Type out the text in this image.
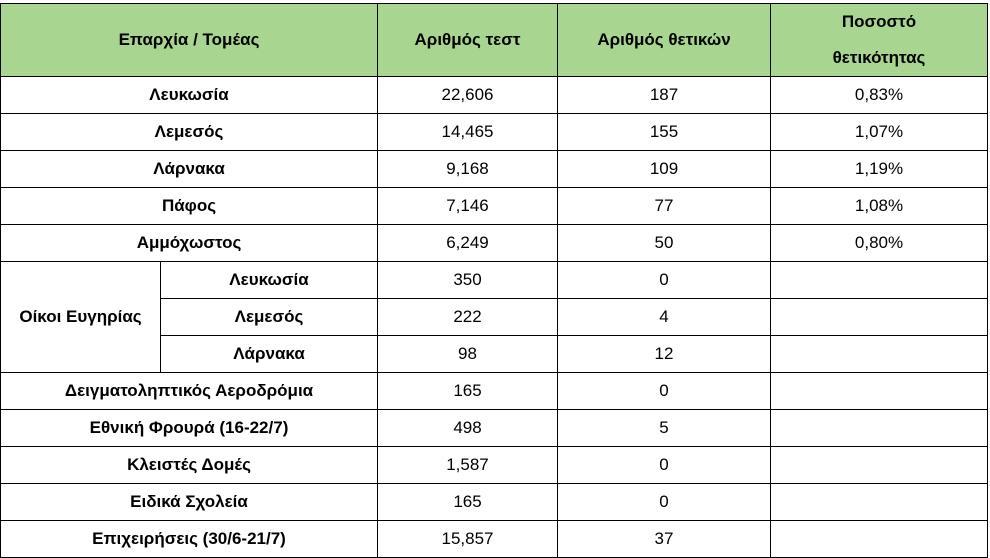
Επαρχία / Τομέας		Αριθμός τεστ	Αριθμός θετικών	Ποσοστό
θετικότητας

Λευκωσία		22,606	187	0,83%
Λεμεσός		14,465	155	1,07%
Λάρνακα		9,168	109	1,19%
Πάφος		7,146	77	1,08%
Αμμόχωστος		6,249	50	0,80%
Οίκοι Ευγηρίας	Λευκωσία	350	0	
	Λεμεσός	222	4	
	Λάρνακα	98	12	
Δειγματοληπτικός Αεροδρόμια		165	0	
Εθνική Φρουρά (16-22/7)		498	5	
Κλειστές Δομές		1,587	0	
Ειδικά Σχολεία		165	0	
Επιχειρήσεις (30/6-21/7)		15,857	37	
